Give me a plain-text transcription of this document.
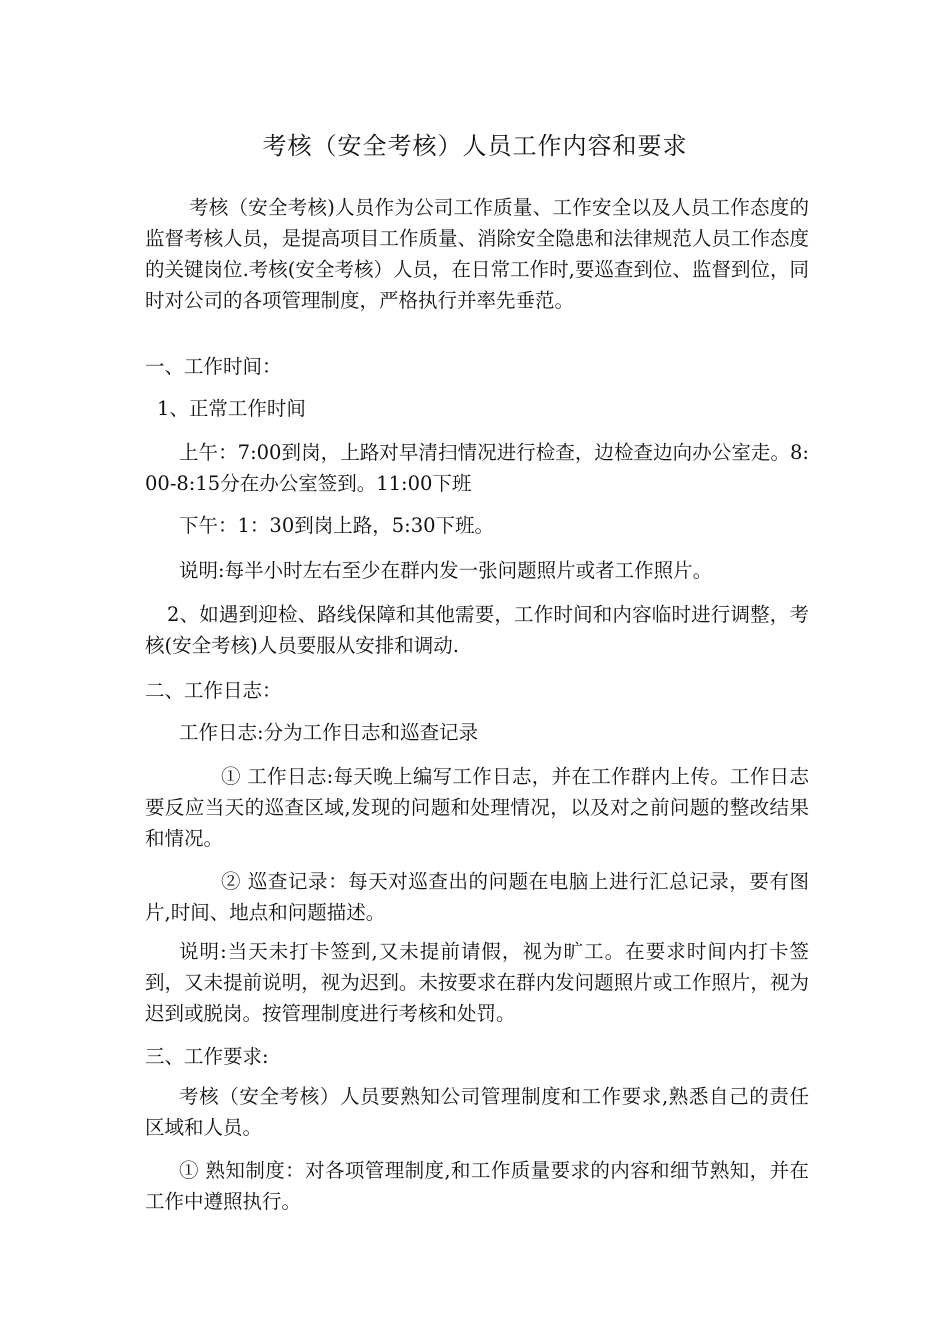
考核（安全考核）人员工作内容和要求
考核（安全考核)人员作为公司工作质量、工作安全以及人员工作态度的监督考核人员，是提高项目工作质量、消除安全隐患和法律规范人员工作态度的关键岗位.考核(安全考核）人员，在日常工作时,要巡查到位、监督到位，同时对公司的各项管理制度，严格执行并率先垂范。
一、工作时间：
1、正常工作时间
上午：7:00到岗，上路对早清扫情况进行检查，边检查边向办公室走。8:00-8:15分在办公室签到。11:00下班
下午：1：30到岗上路，5:30下班。
说明:每半小时左右至少在群内发一张问题照片或者工作照片。
2、如遇到迎检、路线保障和其他需要，工作时间和内容临时进行调整，考核(安全考核)人员要服从安排和调动.
二、工作日志：
工作日志:分为工作日志和巡查记录
① 工作日志:每天晚上编写工作日志，并在工作群内上传。工作日志要反应当天的巡查区域,发现的问题和处理情况，以及对之前问题的整改结果和情况。
② 巡查记录：每天对巡查出的问题在电脑上进行汇总记录，要有图片,时间、地点和问题描述。
说明:当天未打卡签到,又未提前请假，视为旷工。在要求时间内打卡签到，又未提前说明，视为迟到。未按要求在群内发问题照片或工作照片，视为迟到或脱岗。按管理制度进行考核和处罚。
三、工作要求:
考核（安全考核）人员要熟知公司管理制度和工作要求,熟悉自己的责任区域和人员。
① 熟知制度：对各项管理制度,和工作质量要求的内容和细节熟知，并在工作中遵照执行。
